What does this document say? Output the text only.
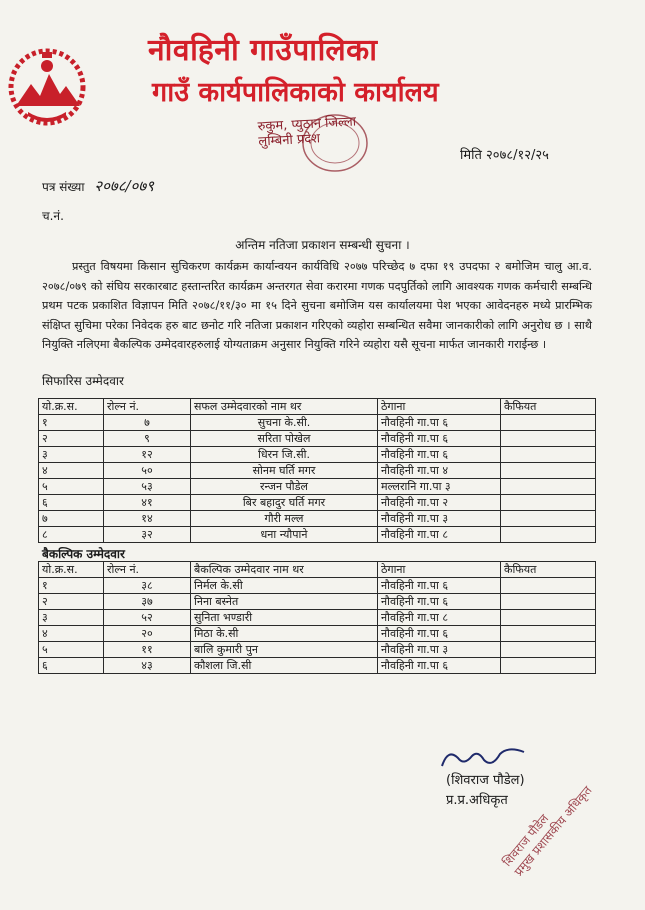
नौवहिनी गाउँपालिका
गाउँ कार्यपालिकाको कार्यालय
रुकुम, प्युठान जिल्ला
लुम्बिनी प्रदेश
मिति २०७८/१२/२५
पत्र संख्या २०७८/०७९
च.नं.
अन्तिम नतिजा प्रकाशन सम्बन्धी सुचना ।
प्रस्तुत विषयमा किसान सुचिकरण कार्यक्रम कार्यान्वयन कार्यविधि २०७७ परिच्छेद ७ दफा १९ उपदफा २ बमोजिम चालु आ.व. २०७८/०७९ को संघिय सरकारबाट हस्तान्तरित कार्यक्रम अन्तरगत सेवा करारमा गणक पदपुर्तिको लागि आवश्यक गणक कर्मचारी सम्बन्धि प्रथम पटक प्रकाशित विज्ञापन मिति २०७८/११/३० मा १५ दिने सुचना बमोजिम यस कार्यालयमा पेश भएका आवेदनहरु मध्ये प्रारम्भिक संक्षिप्त सुचिमा परेका निवेदक हरु बाट छनोट गरि नतिजा प्रकाशन गरिएको व्यहोरा सम्बन्धित सवैमा जानकारीको लागि अनुरोध छ । साथै नियुक्ति नलिएमा बैकल्पिक उम्मेदवारहरुलाई योग्यताक्रम अनुसार नियुक्ति गरिने व्यहोरा यसै सूचना मार्फत जानकारी गराईन्छ ।
सिफारिस उम्मेदवार
यो.क्र.स.	रोल्न नं.	सफल उम्मेदवारको नाम थर	ठेगाना	कैफियत
१	७	सुचना के.सी.	नौवहिनी गा.पा ६	
२	९	सरिता पोखेल	नौवहिनी गा.पा ६	
३	१२	धिरन जि.सी.	नौवहिनी गा.पा ६	
४	५०	सोनम घर्ति मगर	नौवहिनी गा.पा ४	
५	५३	रन्जन पौडेल	मल्लरानि गा.पा ३	
६	४१	बिर बहादुर घर्ति मगर	नौवहिनी गा.पा २	
७	१४	गौरी मल्ल	नौवहिनी गा.पा ३	
८	३२	धना न्यौपाने	नौवहिनी गा.पा ८	
बैकल्पिक उम्मेदवार
यो.क्र.स.	रोल्न नं.	बैकल्पिक उम्मेदवार नाम थर	ठेगाना	कैफियत
१	३८	निर्मल के.सी	नौवहिनी गा.पा ६	
२	३७	निना बस्नेत	नौवहिनी गा.पा ६	
३	५२	सुनिता भण्डारी	नौवहिनी गा.पा ८	
४	२०	मिठा के.सी	नौवहिनी गा.पा ६	
५	११	बालि कुमारी पुन	नौवहिनी गा.पा ३	
६	४३	कौशला जि.सी	नौवहिनी गा.पा ६	
(शिवराज पौडेल)
प्र.प्र.अधिकृत
शिवराज पौडेल
प्रमुख प्रशासकीय अधिकृत
